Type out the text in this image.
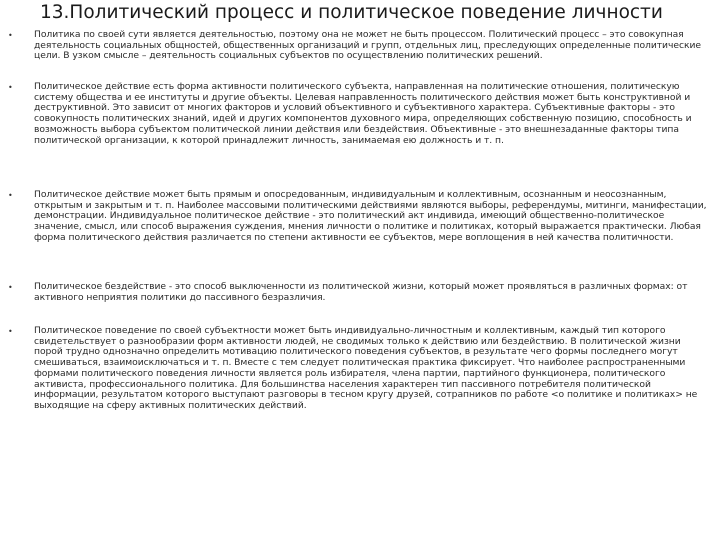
13.Политический процесс и политическое поведение личности
• Политика по своей сути является деятельностью, поэтому она не может не быть процессом. Политический процесс – это совокупная деятельность социальных общностей, общественных организаций и групп, отдельных лиц, преследующих определенные политические цели. В узком смысле – деятельность социальных субъектов по осуществлению политических решений.
• Политическое действие есть форма активности политического субъекта, направленная на политические отношения, политическую систему общества и ее институты и другие объекты. Целевая направленность политического действия может быть конструктивной и деструктивной. Это зависит от многих факторов и условий объективного и субъективного характера. Субъективные факторы - это совокупность политических знаний, идей и других компонентов духовного мира, определяющих собственную позицию, способность и возможность выбора субъектом политической линии действия или бездействия. Объективные - это внешнезаданные факторы типа политической организации, к которой принадлежит личность, занимаемая ею должность и т. п.
• Политическое действие может быть прямым и опосредованным, индивидуальным и коллективным, осознанным и неосознанным, открытым и закрытым и т. п. Наиболее массовыми политическими действиями являются выборы, референдумы, митинги, манифестации, демонстрации. Индивидуальное политическое действие - это политический акт индивида, имеющий общественно-политическое значение, смысл, или способ выражения суждения, мнения личности о политике и политиках, который выражается практически. Любая форма политического действия различается по степени активности ее субъектов, мере воплощения в ней качества политичности.
• Политическое бездействие - это способ выключенности из политической жизни, который может проявляться в различных формах: от активного неприятия политики до пассивного безразличия.
• Политическое поведение по своей субъектности может быть индивидуально-личностным и коллективным, каждый тип которого свидетельствует о разнообразии форм активности людей, не сводимых только к действию или бездействию. В политической жизни порой трудно однозначно определить мотивацию политического поведения субъектов, в результате чего формы последнего могут смешиваться, взаимоисключаться и т. п. Вместе с тем следует политическая практика фиксирует. Что наиболее распространенными формами политического поведения личности является роль избирателя, члена партии, партийного функционера, политического активиста, профессионального политика. Для большинства населения характерен тип пассивного потребителя политической информации, результатом которого выступают разговоры в тесном кругу друзей, сотрапников по работе <о политике и политиках> не выходящие на сферу активных политических действий.
